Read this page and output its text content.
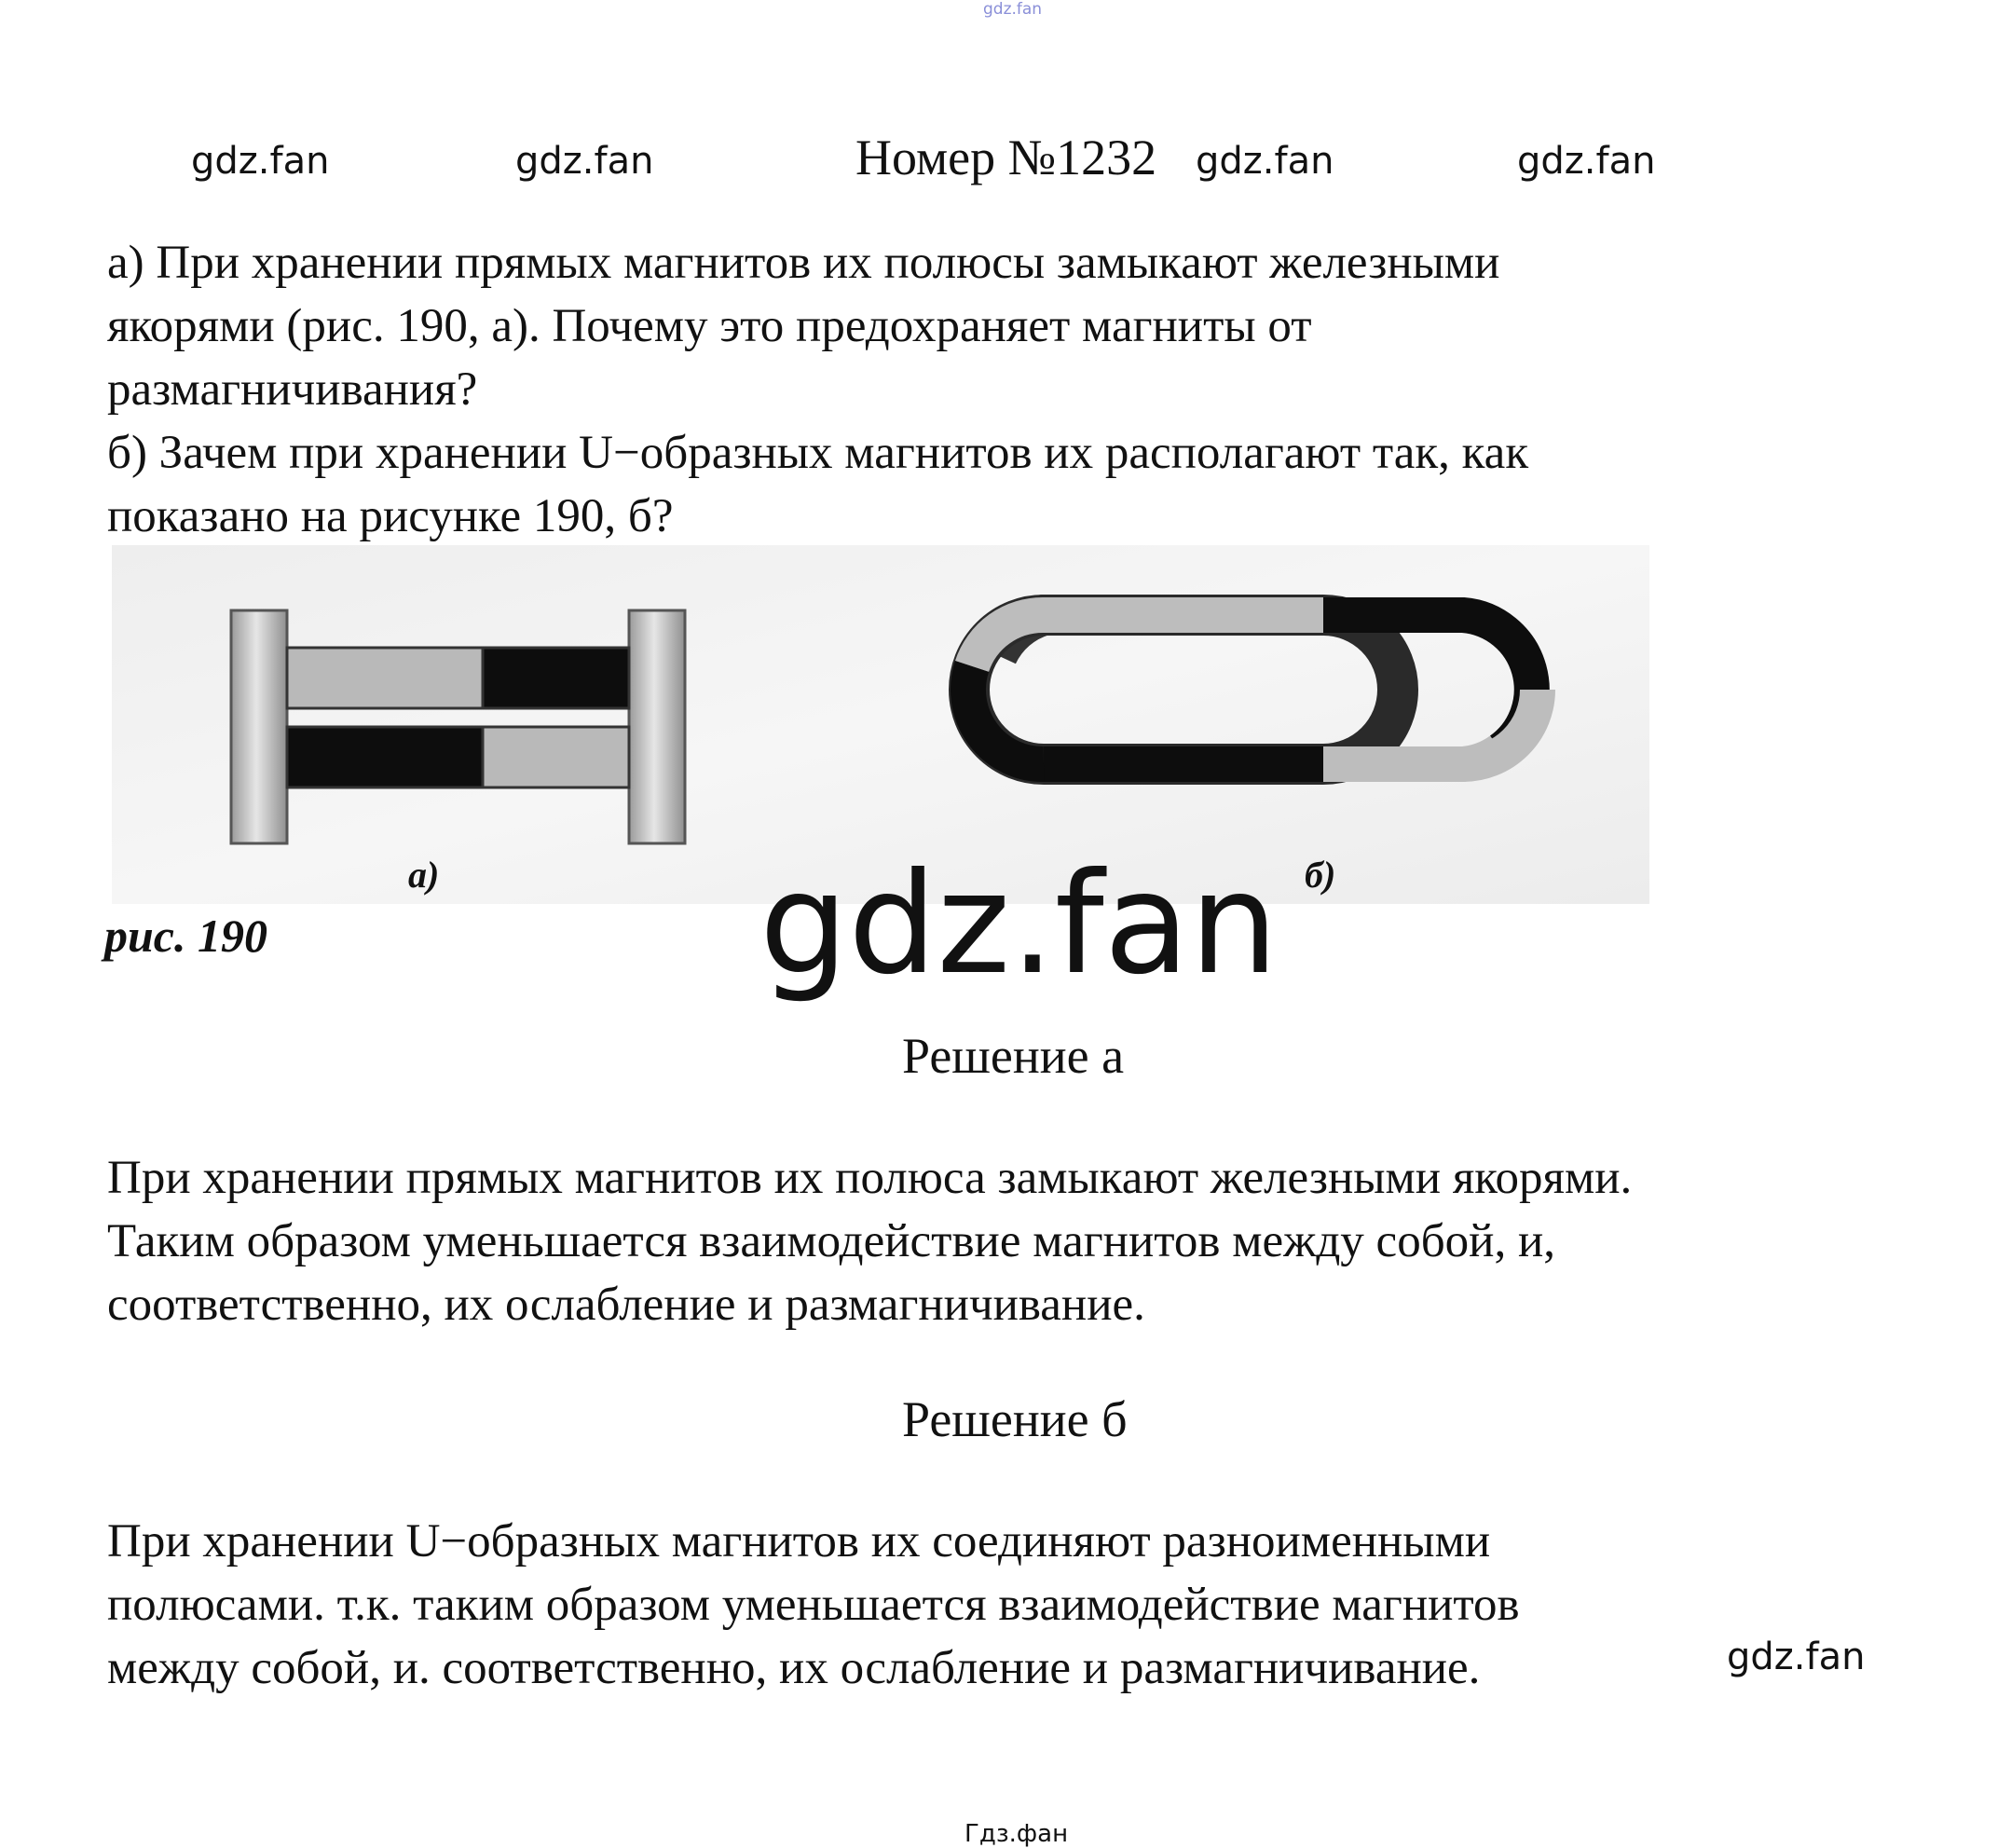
gdz.fan
gdz.fan	gdz.fan	gdz.fan	gdz.fan
Номер №1232

а) При хранении прямых магнитов их полюсы замыкают железными

якорями (рис. 190, а). Почему это предохраняет магниты от

размагничивания?

б) Зачем при хранении U−образных магнитов их располагают так, как

показано на рисунке 190, б?

а)	б)
рис. 190	gdz.fan
Решение а

При хранении прямых магнитов их полюса замыкают железными якорями.

Таким образом уменьшается взаимодействие магнитов между собой, и,

соответственно, их ослабление и размагничивание.

Решение б

При хранении U−образных магнитов их соединяют разноименными

полюсами. т.к. таким образом уменьшается взаимодействие магнитов

между собой, и. соответственно, их ослабление и размагничивание.	gdz.fan
Гдз.фан
